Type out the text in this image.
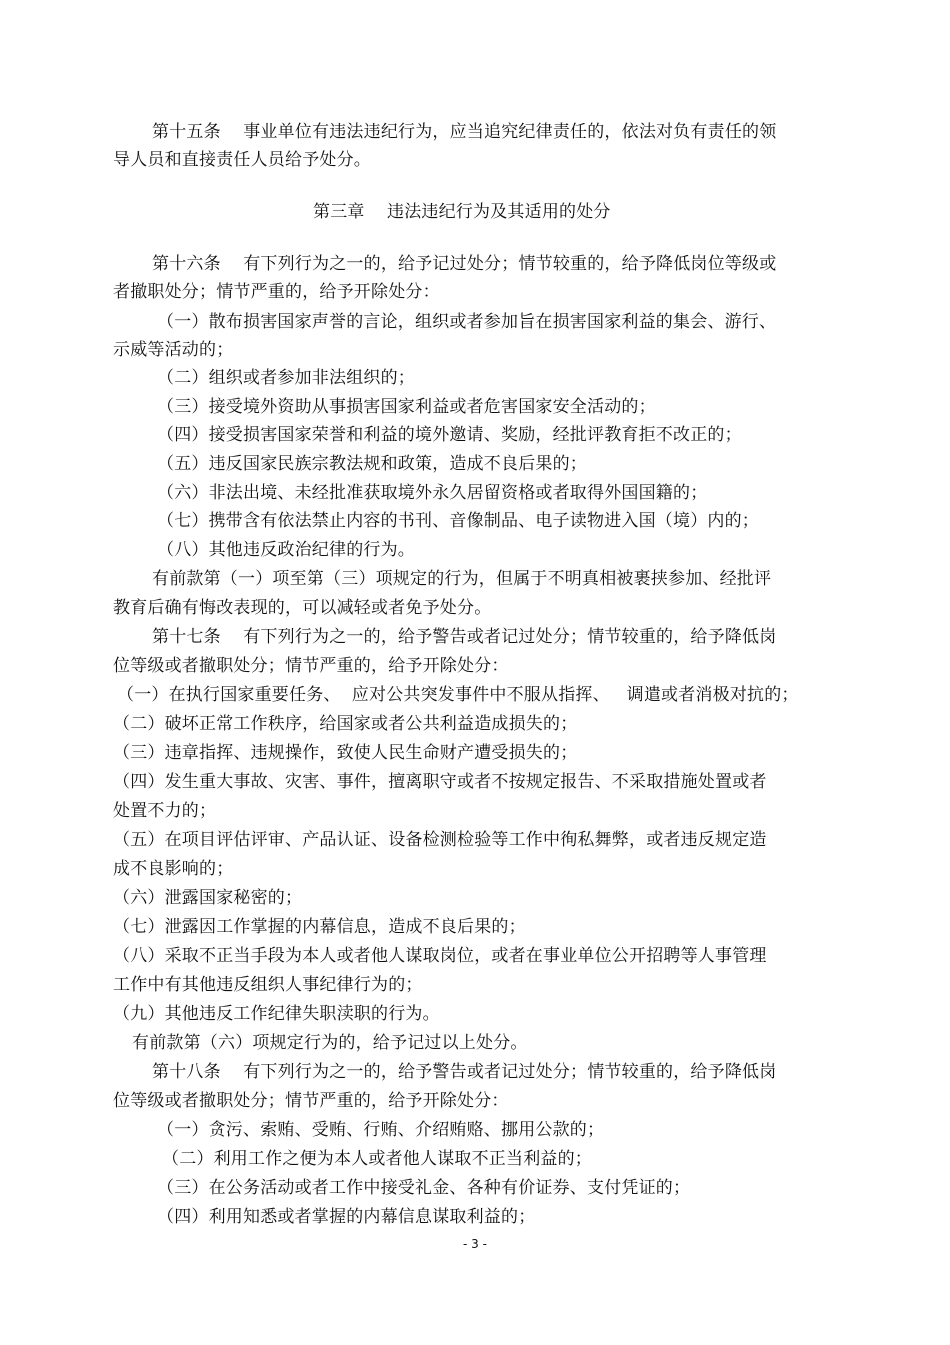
第十五条    事业单位有违法违纪行为，应当追究纪律责任的，依法对负有责任的领
导人员和直接责任人员给予处分。
第三章    违法违纪行为及其适用的处分
第十六条    有下列行为之一的，给予记过处分；情节较重的，给予降低岗位等级或
者撤职处分；情节严重的，给予开除处分：
（一）散布损害国家声誉的言论，组织或者参加旨在损害国家利益的集会、游行、
示威等活动的；
（二）组织或者参加非法组织的；
（三）接受境外资助从事损害国家利益或者危害国家安全活动的；
（四）接受损害国家荣誉和利益的境外邀请、奖励，经批评教育拒不改正的；
（五）违反国家民族宗教法规和政策，造成不良后果的；
（六）非法出境、未经批准获取境外永久居留资格或者取得外国国籍的；
（七）携带含有依法禁止内容的书刊、音像制品、电子读物进入国（境）内的；
（八）其他违反政治纪律的行为。
有前款第（一）项至第（三）项规定的行为，但属于不明真相被裹挟参加、经批评
教育后确有悔改表现的，可以减轻或者免予处分。
第十七条    有下列行为之一的，给予警告或者记过处分；情节较重的，给予降低岗
位等级或者撤职处分；情节严重的，给予开除处分：
（一）在执行国家重要任务、  应对公共突发事件中不服从指挥、   调遣或者消极对抗的；
（二）破坏正常工作秩序，给国家或者公共利益造成损失的；
（三）违章指挥、违规操作，致使人民生命财产遭受损失的；
（四）发生重大事故、灾害、事件，擅离职守或者不按规定报告、不采取措施处置或者
处置不力的；
（五）在项目评估评审、产品认证、设备检测检验等工作中徇私舞弊，或者违反规定造
成不良影响的；
（六）泄露国家秘密的；
（七）泄露因工作掌握的内幕信息，造成不良后果的；
（八）采取不正当手段为本人或者他人谋取岗位，或者在事业单位公开招聘等人事管理
工作中有其他违反组织人事纪律行为的；
（九）其他违反工作纪律失职渎职的行为。
有前款第（六）项规定行为的，给予记过以上处分。
第十八条    有下列行为之一的，给予警告或者记过处分；情节较重的，给予降低岗
位等级或者撤职处分；情节严重的，给予开除处分：
（一）贪污、索贿、受贿、行贿、介绍贿赂、挪用公款的；
（二）利用工作之便为本人或者他人谋取不正当利益的；
（三）在公务活动或者工作中接受礼金、各种有价证券、支付凭证的；
（四）利用知悉或者掌握的内幕信息谋取利益的；
- 3 -
